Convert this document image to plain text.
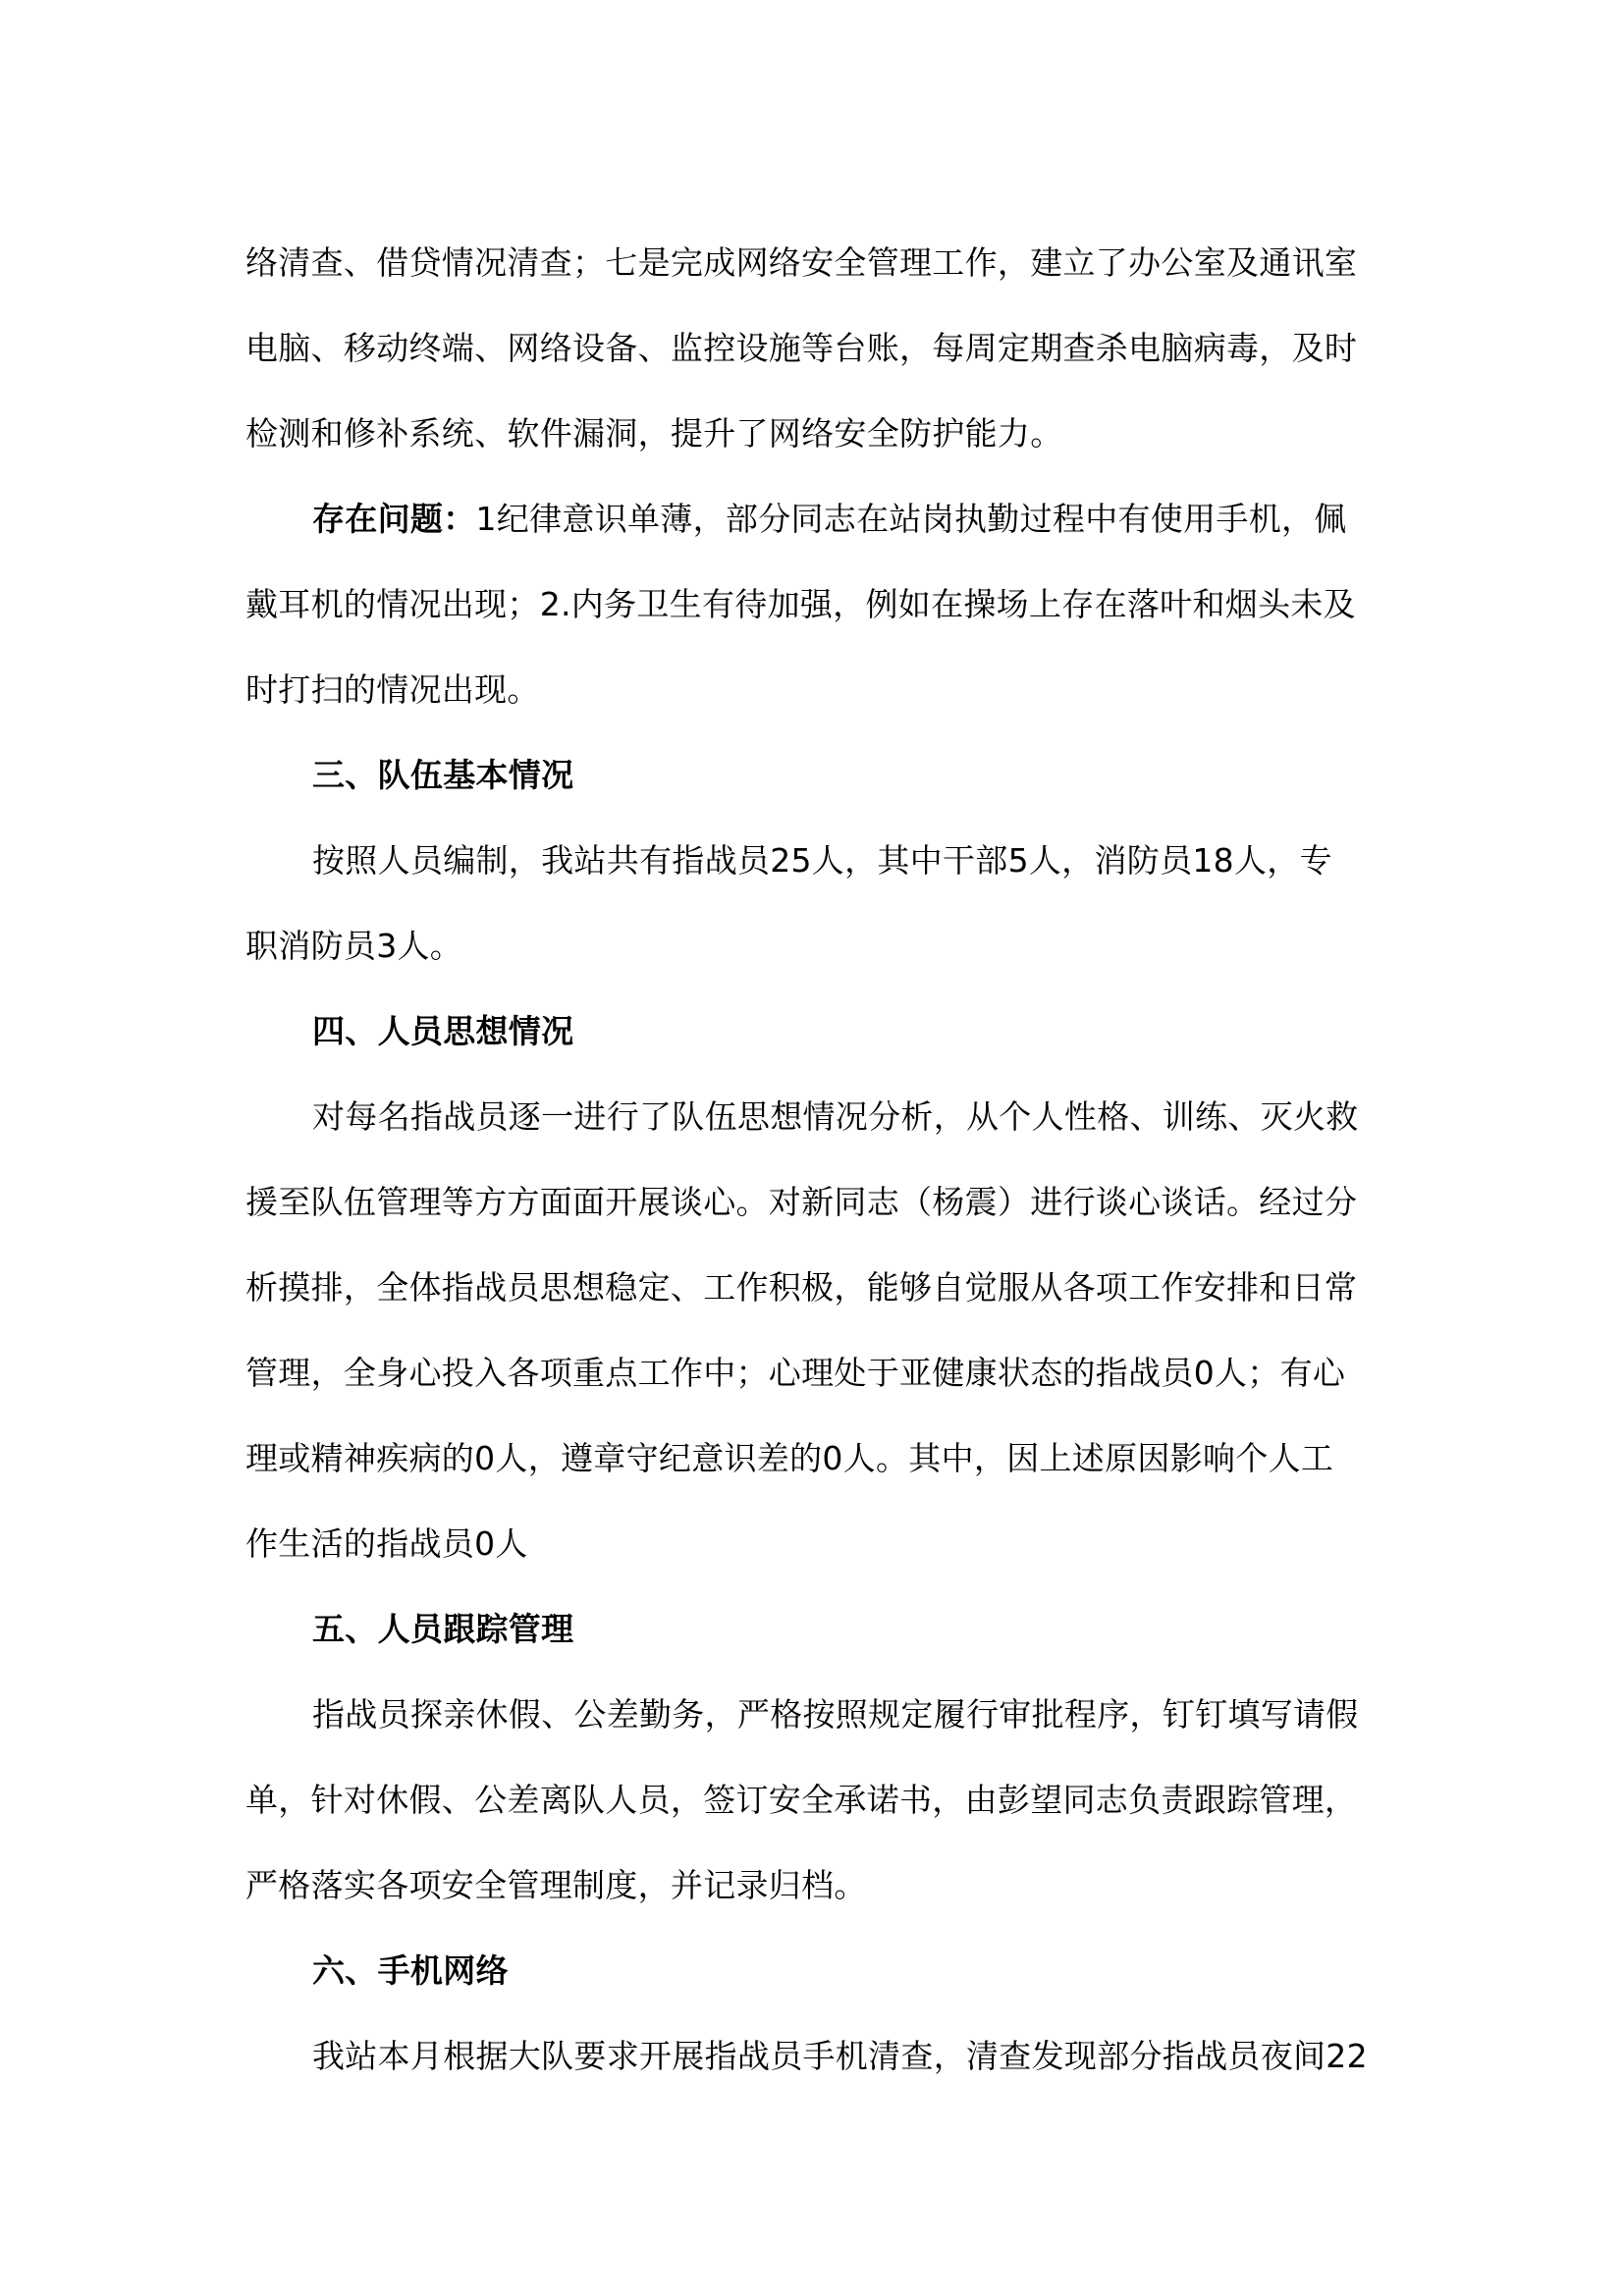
络清查、借贷情况清查；七是完成网络安全管理工作，建立了办公室及通讯室
电脑、移动终端、网络设备、监控设施等台账，每周定期查杀电脑病毒，及时
检测和修补系统、软件漏洞，提升了网络安全防护能力。
存在问题：1纪律意识单薄，部分同志在站岗执勤过程中有使用手机，佩
戴耳机的情况出现；2.内务卫生有待加强，例如在操场上存在落叶和烟头未及
时打扫的情况出现。
三、队伍基本情况
按照人员编制，我站共有指战员25人，其中干部5人，消防员18人，专
职消防员3人。
四、人员思想情况
对每名指战员逐一进行了队伍思想情况分析，从个人性格、训练、灭火救
援至队伍管理等方方面面开展谈心。对新同志（杨震）进行谈心谈话。经过分
析摸排，全体指战员思想稳定、工作积极，能够自觉服从各项工作安排和日常
管理，全身心投入各项重点工作中；心理处于亚健康状态的指战员0人；有心
理或精神疾病的0人，遵章守纪意识差的0人。其中，因上述原因影响个人工
作生活的指战员0人
五、人员跟踪管理
指战员探亲休假、公差勤务，严格按照规定履行审批程序，钉钉填写请假
单，针对休假、公差离队人员，签订安全承诺书，由彭望同志负责跟踪管理，
严格落实各项安全管理制度，并记录归档。
六、手机网络
我站本月根据大队要求开展指战员手机清查，清查发现部分指战员夜间22
